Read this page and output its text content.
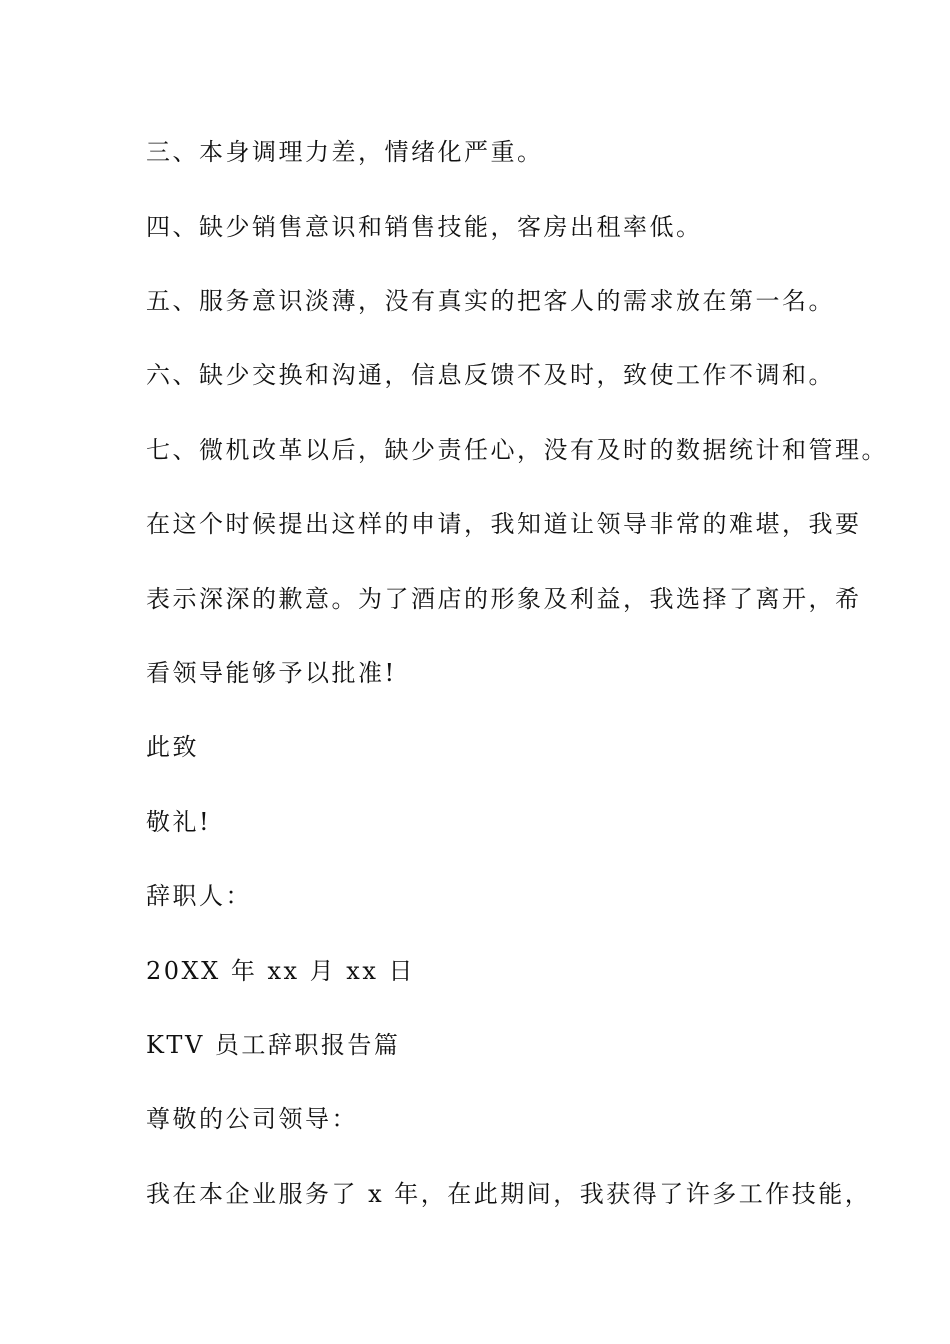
三、本身调理力差，情绪化严重。
四、缺少销售意识和销售技能，客房出租率低。
五、服务意识淡薄，没有真实的把客人的需求放在第一名。
六、缺少交换和沟通，信息反馈不及时，致使工作不调和。
七、微机改革以后，缺少责任心，没有及时的数据统计和管理。
在这个时候提出这样的申请，我知道让领导非常的难堪，我要
表示深深的歉意。为了酒店的形象及利益，我选择了离开，希
看领导能够予以批准!
此致
敬礼!
辞职人：
20XX 年 xx 月 xx 日
KTV 员工辞职报告篇
尊敬的公司领导：
我在本企业服务了 x 年，在此期间，我获得了许多工作技能，
